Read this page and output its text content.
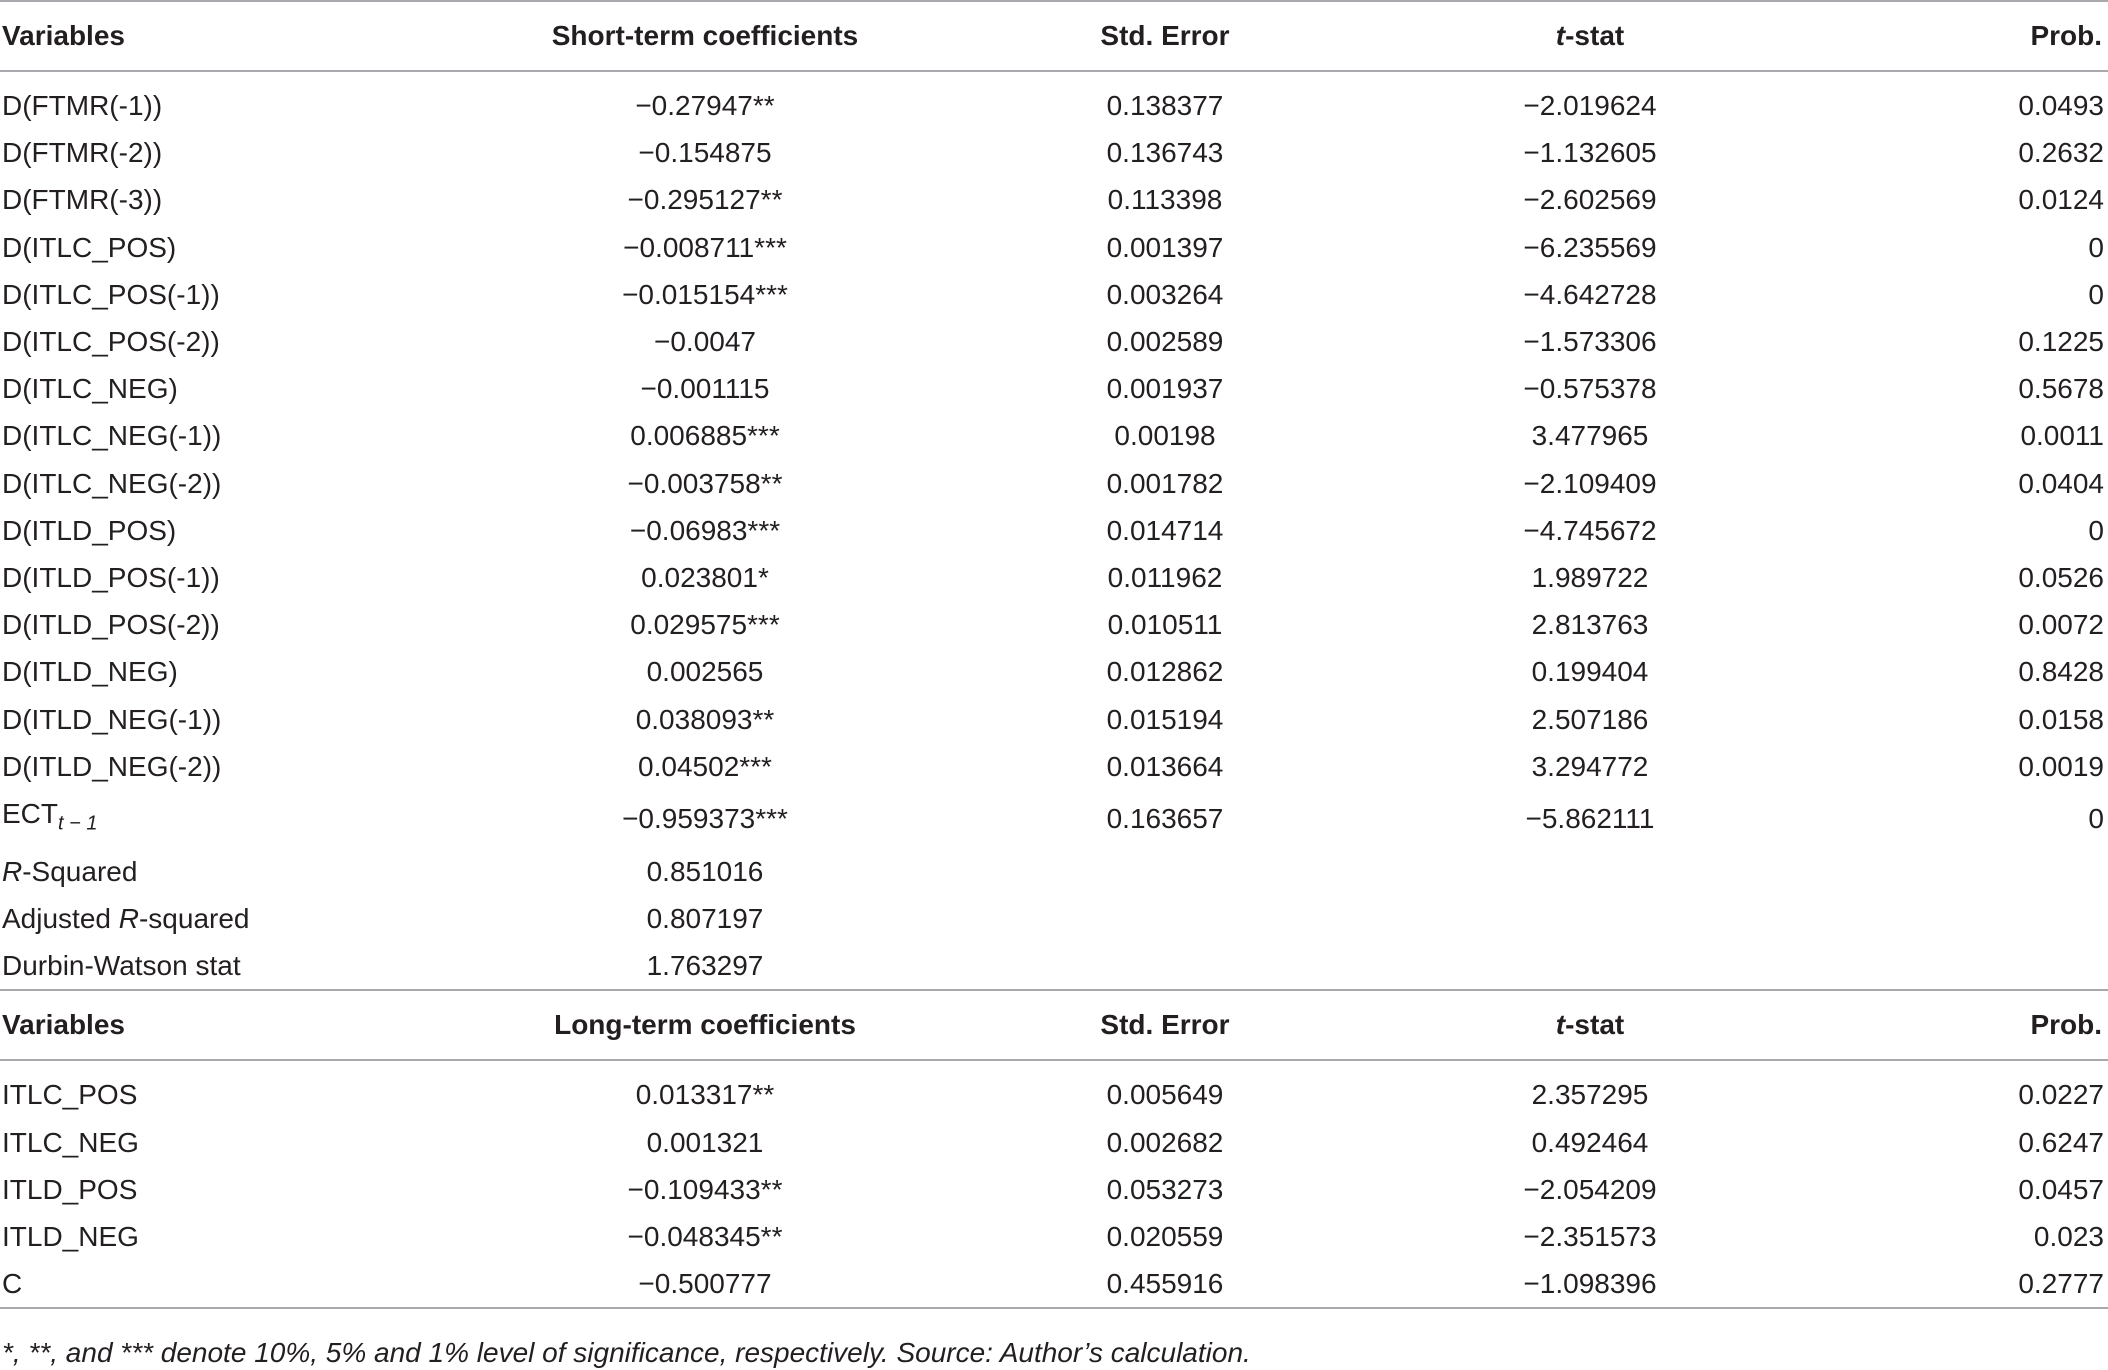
Variables	Short-term coefficients	Std. Error	t-stat	Prob.
D(FTMR(-1))	−0.27947**	0.138377	−2.019624	0.0493
D(FTMR(-2))	−0.154875	0.136743	−1.132605	0.2632
D(FTMR(-3))	−0.295127**	0.113398	−2.602569	0.0124
D(ITLC_POS)	−0.008711***	0.001397	−6.235569	0
D(ITLC_POS(-1))	−0.015154***	0.003264	−4.642728	0
D(ITLC_POS(-2))	−0.0047	0.002589	−1.573306	0.1225
D(ITLC_NEG)	−0.001115	0.001937	−0.575378	0.5678
D(ITLC_NEG(-1))	0.006885***	0.00198	3.477965	0.0011
D(ITLC_NEG(-2))	−0.003758**	0.001782	−2.109409	0.0404
D(ITLD_POS)	−0.06983***	0.014714	−4.745672	0
D(ITLD_POS(-1))	0.023801*	0.011962	1.989722	0.0526
D(ITLD_POS(-2))	0.029575***	0.010511	2.813763	0.0072
D(ITLD_NEG)	0.002565	0.012862	0.199404	0.8428
D(ITLD_NEG(-1))	0.038093**	0.015194	2.507186	0.0158
D(ITLD_NEG(-2))	0.04502***	0.013664	3.294772	0.0019
$ECT_{t - 1}$	−0.959373***	0.163657	−5.862111	0
R-Squared	0.851016			
Adjusted R-squared	0.807197			
Durbin-Watson stat	1.763297			
Variables	Long-term coefficients	Std. Error	t-stat	Prob.
ITLC_POS	0.013317**	0.005649	2.357295	0.0227
ITLC_NEG	0.001321	0.002682	0.492464	0.6247
ITLD_POS	−0.109433**	0.053273	−2.054209	0.0457
ITLD_NEG	−0.048345**	0.020559	−2.351573	0.023
C	−0.500777	0.455916	−1.098396	0.2777
*, **, and *** denote 10%, 5% and 1% level of significance, respectively. Source: Author’s calculation.
